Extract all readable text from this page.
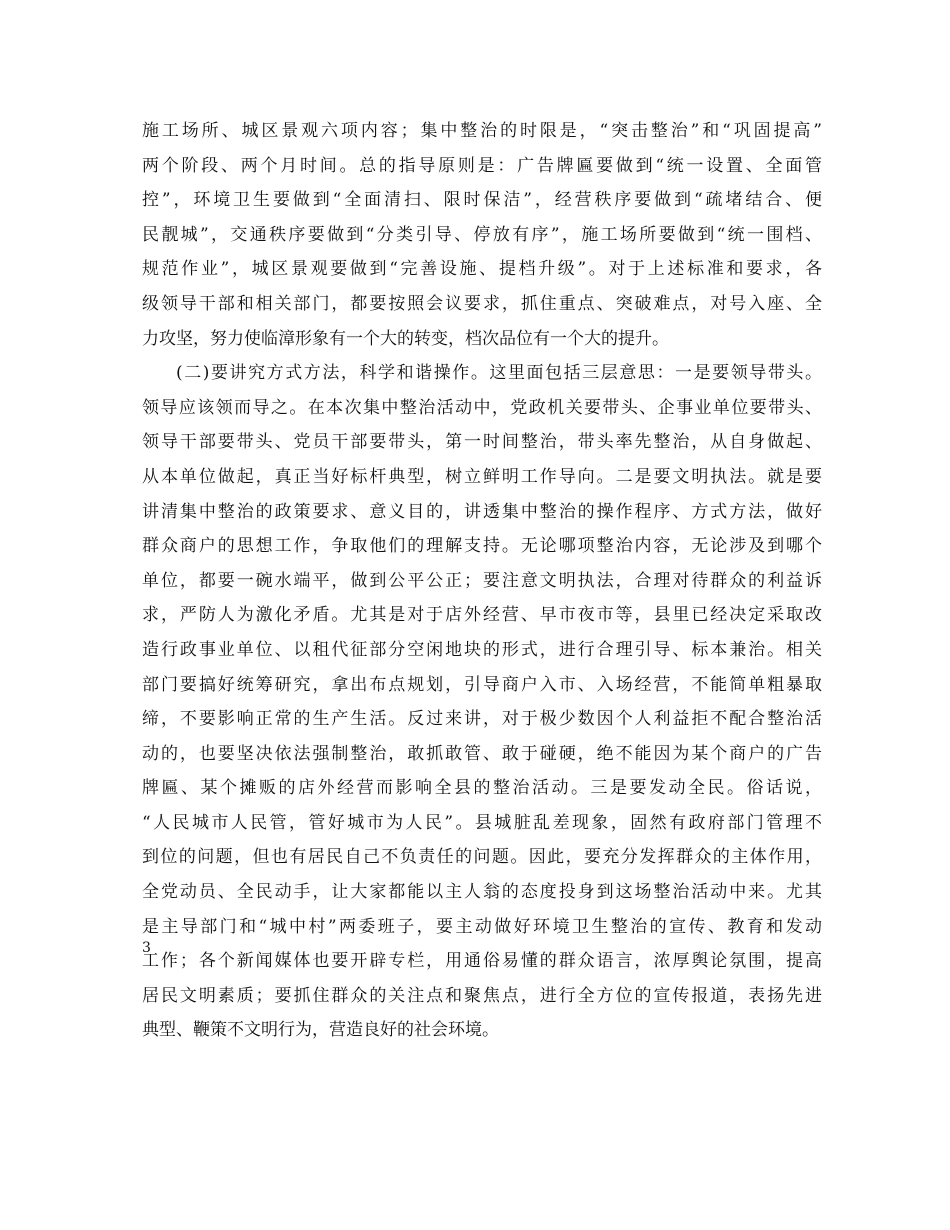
施工场所、城区景观六项内容；集中整治的时限是，“突击整治”和“巩固提高”
两个阶段、两个月时间。总的指导原则是：广告牌匾要做到“统一设置、全面管
控”，环境卫生要做到“全面清扫、限时保洁”，经营秩序要做到“疏堵结合、便
民靓城”，交通秩序要做到“分类引导、停放有序”，施工场所要做到“统一围档、
规范作业”，城区景观要做到“完善设施、提档升级”。对于上述标准和要求，各
级领导干部和相关部门，都要按照会议要求，抓住重点、突破难点，对号入座、全
力攻坚，努力使临漳形象有一个大的转变，档次品位有一个大的提升。
(二)要讲究方式方法，科学和谐操作。这里面包括三层意思：一是要领导带头。
领导应该领而导之。在本次集中整治活动中，党政机关要带头、企事业单位要带头、
领导干部要带头、党员干部要带头，第一时间整治，带头率先整治，从自身做起、
从本单位做起，真正当好标杆典型，树立鲜明工作导向。二是要文明执法。就是要
讲清集中整治的政策要求、意义目的，讲透集中整治的操作程序、方式方法，做好
群众商户的思想工作，争取他们的理解支持。无论哪项整治内容，无论涉及到哪个
单位，都要一碗水端平，做到公平公正；要注意文明执法，合理对待群众的利益诉
求，严防人为激化矛盾。尤其是对于店外经营、早市夜市等，县里已经决定采取改
造行政事业单位、以租代征部分空闲地块的形式，进行合理引导、标本兼治。相关
部门要搞好统筹研究，拿出布点规划，引导商户入市、入场经营，不能简单粗暴取
缔，不要影响正常的生产生活。反过来讲，对于极少数因个人利益拒不配合整治活
动的，也要坚决依法强制整治，敢抓敢管、敢于碰硬，绝不能因为某个商户的广告
牌匾、某个摊贩的店外经营而影响全县的整治活动。三是要发动全民。俗话说，
“人民城市人民管，管好城市为人民”。县城脏乱差现象，固然有政府部门管理不
到位的问题，但也有居民自己不负责任的问题。因此，要充分发挥群众的主体作用，
全党动员、全民动手，让大家都能以主人翁的态度投身到这场整治活动中来。尤其
是主导部门和“城中村”两委班子，要主动做好环境卫生整治的宣传、教育和发动
工作；各个新闻媒体也要开辟专栏，用通俗易懂的群众语言，浓厚舆论氛围，提高
居民文明素质；要抓住群众的关注点和聚焦点，进行全方位的宣传报道，表扬先进
典型、鞭策不文明行为，营造良好的社会环境。
3
